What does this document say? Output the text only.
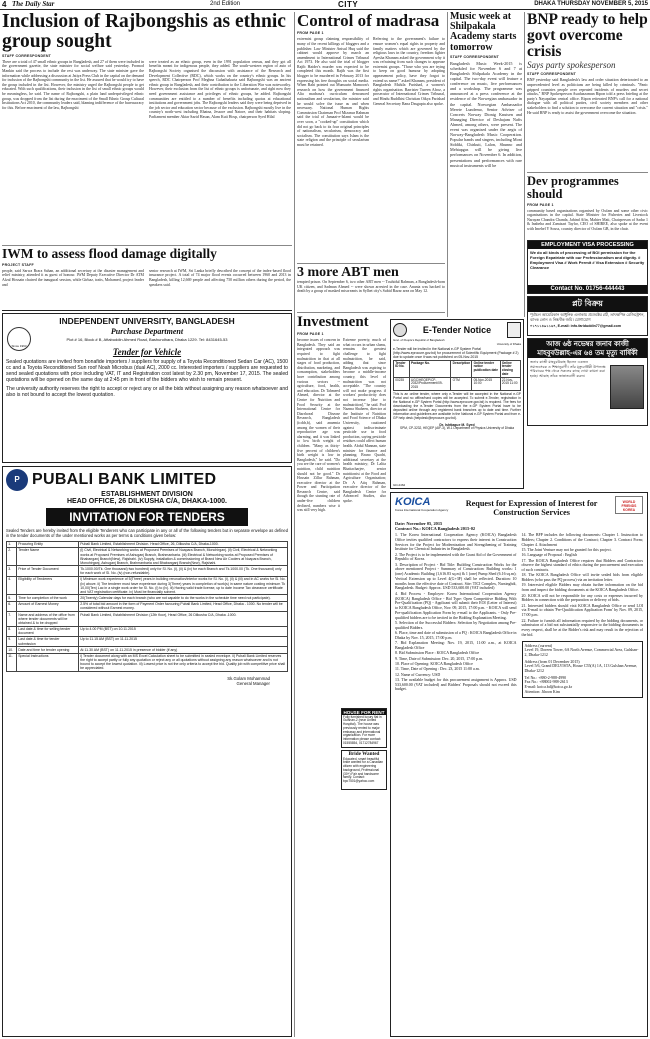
4 The Daily Star	2nd Edition	CITY	DHAKA THURSDAY NOVEMBER 5, 2015
Inclusion of Rajbongshis as ethnic group sought
STAFF CORRESPONDENT
There are a total of 47 small ethnic groups in Bangladesh, and 27 of them were included in the government gazette, the state minister for social welfare said yesterday. Promod Mankin said the process to include the rest was underway. The state minister gave the information while addressing a discussion at Jatiya Press Club in the capital on the demand for inclusion of the Rajbongshi community in the list. He assured that he would try to have the group included in the list. However, the ministry urged the Rajbongshi people to get educated. With such qualifications, their inclusion in the list of small ethnic groups would be meaningless, he said. The name of Rajbongshi, a plain land underprivileged ethnic group, was dropped from the list during the enactment of the Small Ethnic Group Cultural Institutions Act 2010, the community leaders said, blaming indifference of the bureaucracy for this. Before enactment of the law, Rajbongshi
were treated as an ethnic group, even in the 1991 population census, and they got all benefits meant for indigenous people, they added. The south-western region of auto of Rajbongshi Society organised the discussion with assistance of the Research and Development Collective (RDC), which works on the country's ethnic groups. In his speech, RDC Chairperson Prof Meghna Guhathakurta said Rajbongshi was an ancient ethnic group in Bangladesh, and their contribution to the Liberation War was noteworthy. However, their exclusion from the list of ethnic groups is unfortunate, and right now they need government assistance and privileges of ethnic groups, he added. Rajbongshi communities are entitled to a number of benefits including quotas at educational institutions and government jobs. The Rajbongshi leaders said they were being deprived in the job sector and education sector because of the exclusion. Rajbongshi mostly live in the country's north-west including Rhatna, Jessore and Natore, and their habitats sloping. Parliament member Aktar Sazid Hasan, Alam Kuti Hosp, chairperson Syed Hilal
IWM to assess flood damage digitally
PROJECT STAFF
people, said Sarwa Brara Sahan, an additional secretary at the disaster management and relief ministry, attended it as guest of honour. IWM Deputy Executive Director Dr ATM Afzal Hossain chaired the inaugural session, while Girbaz, traits, Mohamed, project leader and
senior research at IWM, Sri Lanka briefly described the concept of the index-based flood insurance project. A total of 74 major flood events occurred between 1960 and 2013 in Bangladesh, killing 12,669 people and affecting 750 million others during the period, the speakers said.
INDEPENDENT UNIVERSITY, BANGLADESH
Since 1993
Purchase Department
Plot # 16, Block # B, Aftabuddin Ahmed Road, Bashundhara, Dhaka 1229. Tel: 8431645-53
Tender for Vehicle
Sealed quotations are invited from bonafide importers / suppliers for supply of a Toyota Reconditioned Sedan Car (AC), 1500 cc and a Toyota Reconditioned Sun roof Noah Microbus (dual AC), 2000 cc. Interested importers / suppliers are requested to send sealed quotations with price including VAT, IT and Registration cost latest by 2.30 pm, November 17, 2015. The sealed quotations will be opened on the same day at 2:45 pm in front of the bidders who wish to remain present.
The university authority reserves the right to accept or reject any or all the bids without assigning any reason whatsoever and also is not bound to accept the lowest quotation.
P PUBALI BANK LIMITED
ESTABLISHMENT DIVISION
HEAD OFFICE, 26 DILKUSHA C/A, DHAKA-1000.
INVITATION FOR TENDERS
Sealed Tenders are hereby invited from the eligible Tenderers who can participate in any or all of the following tenders but in separate envelope as defined in the tender documents of the under mentioned works as per terms & conditions given below:
1.	Procuring Entity	Pubali Bank Limited, Establishment Division. Head Office, 26, Dilkusha C/A, Dhaka-1000.
2.	Tender Name	(i) Civil, Electrical & Networking works at Proposed Premises of Noapara Branch, Monohirganj. (ii) Civil, Electrical & Networking works at Proposed Premises of Ashuganj Branch, Brahmanbaria. (iii) Electrical & Networking works at Proposed Premises of Bhabanganj Branch(New), Rajshahi. (iv) Supply, installation & commissioning of Brand New Air Coolers at Noapara Branch, Monohirganj, Ashuganj Branch, Brahmanbaria and Bhabanganj Branch(New), Rajshahi.
3.	Price of Tender Document	Tk.1000.00/Tk. One thousand) two hundred) only for Sl. No. (i), (ii) & (iv) for each Branch and Tk.1000.00 (Tk. One thousand) only for each work of Sl. No. (iv) (non-refundable).
4.	Eligibility of Tenderers	i) Minimum work experience of 5(Three) years in building renovation/interior works for Sl. No. (i), (ii) & (iii) and in AC works for Sl. No. (iv) above. ii) The tenderer must have experience during 3(Three) years in completion of work(s) in same nature costing minimum Tk 10,00(Ten) Lac in a single work order for Sl. No. (i) to (iv). iii) Having valid trade license, up to date Income Tax clearance certificate and VAT registration certificate. iv) Must be financially solvent.
5.	Time for completion of the work	20(Twenty) Calendar days for each branch (who are not capable to do the works in the schedule time need not participate).
6.	Amount of Earnest Money	2.5% of total bid amount in the form of Payment Order favouring Pubali Bank Limited, Head Office, Dhaka - 1000. No tender will be considered without Earnest money.
7.	Name and address of the office from where tender documents will be obtained & to be dropped	Pubali Bank Limited, Establishment Division (12th floor), Head Office, 26 Dilkusha C/A, Dhaka -1000.
8.	Last date & time for selling tender document	Up to 4.00 PM (BST) on 10.11.2015
9.	Last date & time for tender submission	Up to 11.15 AM (BST) on 11.11.2015
10.	Date and time for tender opening	At 11.30 AM (BST) on 11.11.2015 in presence of bidder (if any)
11.	Special Instructions	i) Tender document along with an MS Excel Calculation sheet to be submitted in sealed envelope. ii) Pubali Bank Limited reserves the right to accept partly or fully any quotation or reject any or all quotations without assigning any reason whatsoever and is not bound to accept the lowest quotation. iii) Lowest price is not the only criteria to accept the bid. Quality job with competitive price shall be appreciated.
Sk.Golam Mohammad
General Manager
Control of madrasa
FROM PAGE 1
extremist group claiming responsibility of many of the recent killings of bloggers and a publisher. Law Minister Anisul Huq said the cabinet would approve by march an amendment to International Crimes Tribunal Act 1973. He also said the trial of blogger Rajib Haider's murder was expected to be completed this month. Rajib was the first blogger to be murdered in February 2013 for expressing his free thoughts on social media. When Rahi pointed out Munsurin Mamoon's research on how the government financed Alia madrasa's curriculum denounced nationalism and secularism, the minister said he would solve the issue as and when necessary. National Human Rights Commission Chairman Prof Mizanur Rahman said the trial of Jamaat-e-Islami would be over soon, a "cooked-up" constitution which did not go back to its four original principles of nationalism, secularism, democracy and socialism. The constitution says Islam is the state religion and the principle of secularism must be retained.
Referring to the government's failure to ensure women's equal rights in property and family matters which are governed by the religious laws in the country, freedom fighter Ayesha Khanam asked the government why it was refraining from such changes to appease extremist groups. "Those who you are trying to keep on good humour by adopting appeasement policy, have they forgot to extend us name?" asked Khanam, president of Bangladesh Mahila Parishad, a women's rights organisation. Barrister Tureen Afroz, a prosecutor of International Crimes Tribunal, and Hindu Buddhist Christian Oikya Parishad General Secretary Rana Dasgupta also spoke.
3 more ABT men
tempted prison. On September 6, two other ABT men -- Touhidul Rahman, a Bangladesh-born UK citizen, and Sadman Ahmed -- were shown arrested in the case. Ananta was hacked to death by a group of masked miscreants in Sylhet city's Subid Bazar area on May 12.
Investment
FROM PAGE 1
become issues of concern in Bangladesh. They said an integrated approach was required to fight malnutrition in that at all stages of food production, distribution, marketing, and consumption, stakeholders have contribution among various sectors -- agriculture, food, health, and education. Dr Tahmeed Ahmed, director at the Centre for Nutrition and Food Security at the International Centre for Diarrhoeal Disease Research, Bangladesh (icddr,b), said anaemia among the women of their reproductive age was alarming, and it was linked to low birth weight of children. "Many as thirty-five percent of children's birth weight is low in Bangladesh," he said. "Do you see the care of women's nutrition, child nutrition should not be good." Dr Hossain Zillur Rahman, executive director at the Power and Participation Research Centre, said though the stunting rate of under-five children declined, numbers wise it was still very high.
Extreme poverty, much of what occurs in urban slums, remains the greatest challenge to fight malnutrition, he said, adding that since Bangladesh was aspiring to become a middle-income country, this level of malnutrition was not acceptable. "The country will not make progress if workers' productivity does not increase [due to malnutrition]," he said. Prof Nazma Shaheen, director at the Institute of Nutrition and Food Science of Dhaka University, cautioned against indiscriminate pesticide use in food production, saying pesticide residues could affect human health. Abdul Mannan, state minister for finance and planning; Bruno Quadri, additional secretary at the health ministry; Dr Lalita Bhattacharjee, senior nutritionist at the Food and Agriculture Organisation; Dr A Atiq Rahman, executive director of the Bangladesh Centre for Advanced Studies, also spoke.
HOUSE FOR RENT
Fully furnished luxury flat in Gulshan-2 (near United Hospital). The house was previously rented to major embassy and international organization. For more information please contact: 01555854, 01712784967
Bride Wanted
Educated, smart beautiful bride wanted for a Canadian citizen with engineering background, Professional (30+) Fair and handsome family. Contact: bpo7501@yahoo.com
Music week at Shilpakala Academy starts tomorrow
STAFF CORRESPONDENT
Bangladesh Music Week-2015 is scheduled for November 6 and 7 at Bangladesh Shilpakala Academy in the capital. The two-day event will feature a conference on music, live performances and a workshop. The programme was announced at a press conference at the residence of the Norwegian ambassador in the capital. Norwegian Ambassador Merete Lundemo, Senior Adviser of Concerts Norway Dionig Knutsen and Managing Director of Deshajam Nafis Ahmed, among others, were present. The event was organised under the aegis of Norway-Bangladesh Music Cooperation. Popular bands and singers, including Moni Siddiki, Chirkutt, Lalon, Shunno and Mehtapgas will be giving live performances on November 6. In addition, presentations and performances with rare musical instruments will be
BNP ready to help govt overcome crisis
Says party spokesperson
STAFF CORRESPONDENT
BNP yesterday said Bangladesh's law and order situation deteriorated to an unprecedented level as politicians are being killed by criminals. "Panic gripped countries people over repeated incidents of murders and secret attacks," BNP Spokesperson Asaduzzaman Ripon told a press briefing at the party's Nayapaltan central office. Ripon reiterated BNP's call for a national dialogue with all political parties, civil society members and other stakeholders to find a solution to overcome the current situation and "crisis." He said BNP is ready to assist the government overcome the situation.
Dev programmes should
FROM PAGE 1
community based organisations organised by Oxfam and some other civic organisations in the capital. State Minister for Fisheries and Livestock Narayan Chandra Chanda, Jahind Afin, Mahier Mati, Chairperson of Sadar 1 & Inabeha and Zamisari Taylor, CEO of SHIREE, also spoke at the event with Imehel Y Souss, country director of Oxfam GB, in the chair.
EMPLOYMENT VISA PROCESSING
We do all kinds of processing of BOI permission for the Foreign Expatriate with our Professionalism and dignity. # Employment Visa # Work Permit # Visa Extension # Security Clearance
Contact No. 01756-444443
প্লট বিক্রয়
পূর্বাচল আমেরিকান আধুনিক এলাকায় প্রজেক্টের প্লট, তাৎক্ষণিক রেজিস্ট্রেশন, ব্যাংক লোন ও নিষ্কণ্টক জমি। যোগাযোগ
০১৭১১৪৯১১৬৭, E-mail: info.fariduddin77@gmail.com
আজ ৬ষ্ঠ নভেম্বর জনাব কাজী মাহবুবউল্লাহ-এর ৬৪ তম মৃত্যু বার্ষিকী
জনাব কাজী মাহবুবউল্লাহ ছিলেন একজন সমাজসেবক ও শিক্ষানুরাগী। তাঁর মৃত্যুবার্ষিকী উপলক্ষে পরিবারের পক্ষ থেকে সকলের কাছে দোয়া কামনা করা হচ্ছে। আল্লাহ তাঁকে জান্নাতবাসী করুন।
E-Tender Notice
Govt. of People's Republic of Bangladesh
University of Dhaka
e-Tender will be invited in the National e-GP System Portal (http://www.eprocure.gov.bd) for procurement of Scientific Equipment (Package # 2) due to update once it was not published on 05-Nov-2015
Tender ID No.	Package No.	Description	Online tender notice publication date	Online tender closing date
00235	UGC/HEQEP/CP-2032/Procurement/09-2015	OTM	05-Nov-2015 10:00	22-Nov-2015 11:00
This is an online tender, where only e-Tender will be accepted in the National e-GP Portal and no offline/hard copies will be accepted. To submit e-Tender, registration in the National e-GP System Portal (http://www.eprocure.gov.bd) is required. The fees for downloading the e-Tender Documents from the e-GP System Portal have to be deposited online through any registered bank branches up to date and time. Further information and guidelines are available in the National e-GP System Portal and from e-GP help desk (helpdesk@eprocure.gov.bd).
Dr. Ishtiaque M. Syed
SPM, CP-3232, HEQEP (AIF-3), W-1 Department of Physics University of Dhaka
GD-2462
KOICA
Korea International Cooperation Agency
Request for Expression of Interest for Construction Services
WORLD FRIENDS KOREA
Date: November 05, 2015
Contract No.: KOICA Bangladesh 2015-02
1. The Korea International Cooperation Agency (KOICA) Bangladesh Office invites qualified contractors to express their interest in Construction Services for the Project for Modernization and Strengthening of Training Institute for Chemical Industries in Bangladesh.
2. The Project is to be implemented with the Grant Aid of the Government of Republic of Korea.
3. Description of Project - Bid Title: Building Construction Works for the above mentioned Project - Summary of Construction: Building works: 1 (one) Academic Building (1,616.83 sq.m) & 1 (one) Pump Shed (6.16 sq.m); Vertical Extension up to Level 4(G+3F) shall be reflected. Duration: 10 months from the effective date of Contract. Site: TICI Complex, Narsinghdi, Bangladesh. Budget: Approx. USD 533,600.00 (VAT included)
4. Bid Process - Employer: Korea International Cooperation Agency (KOICA) Bangladesh Office - Bid Type: Open Competitive Bidding With Pre-Qualification (PQ) - Applicant will submit their EOI (Letter of Interest) to KOICA Bangladesh Office, Nov. 09, 2015, 17:00 p.m. - KOICA will send Pre-qualification Application Form by e-mail to the Applicants. - Only Pre-qualified bidders are to be invited in the Bidding Explanation Meeting.
5. Selection of the Successful Bidders: Selection by Negotiation among Pre-qualified Bidders.
6. Place, time and date of submission of a PQ : KOICA Bangladesh Office in Dhaka by Nov. 15, 2015, 17:00 p.m.
7. Bid Explanation Meeting: Nov. 19, 2015, 11:00 a.m., at KOICA Bangladesh Office
8. Bid Submission Place : KOICA Bangladesh Office
9. Time, Date of Submission: Dec. 20, 2015, 17:00 p.m.
10. Place of Opening: KOICA Bangladesh Office
11. Time, Date of Opening : Dec. 23, 2015 11:00 a.m.
12. Name of Currency: USD
13. The available budget for this procurement assignment is Approx. USD 533,600.00 (VAT included) and Bidders' Proposals should not exceed this budget.
14. The BFP includes the following documents: Chapter 1. Instruction to Bidders; Chapter 2. Conditions of the Contract; Chapter 3. Contract Form; Chapter 4. Attachment
15. The Joint Venture may not be granted for this project.
16. Language of Proposal : English
17. The KOICA Bangladesh Office requires that Bidders and Contractors observe the highest standard of ethics during the procurement and execution of such contracts.
18. The KOICA Bangladesh Office will invite sealed bids from eligible Bidders (who pass the PQ process) via an invitation letter.
19. Interested eligible Bidders may obtain further information on the bid from and inspect the bidding documents at the KOICA Bangladesh Office.
20. KOICA will not be responsible for any costs or expenses incurred by Bidders in connection with the preparation or delivery of bids.
21. Interested bidders should visit KOICA Bangladesh Office or send LOI via E-mail to obtain 'Pre-Qualification Application Form' by Nov. 09, 2015, 17:00 p.m.
22. Failure to furnish all information required by the bidding documents, or submission of a bid not substantially responsive to the bidding documents in every respect, shall be at the Bidder's risk and may result in the rejection of the bid.
Address (current)
Level 19, Doreen Tower, 6A North Avenue, Commercial Area, Gulshan-2, Dhaka-1212
Address (from 01 December 2015)
Level 5/6, Grand DELVISTA, House C55(A) 1A, 113 Gulshan Avenue, Dhaka-1212
Tel No.: +880-2-988-4990
Fax No.: +88002-988-2613
E-mail: koica.bd@koica.go.kr
Attention: Jihoon Kim
